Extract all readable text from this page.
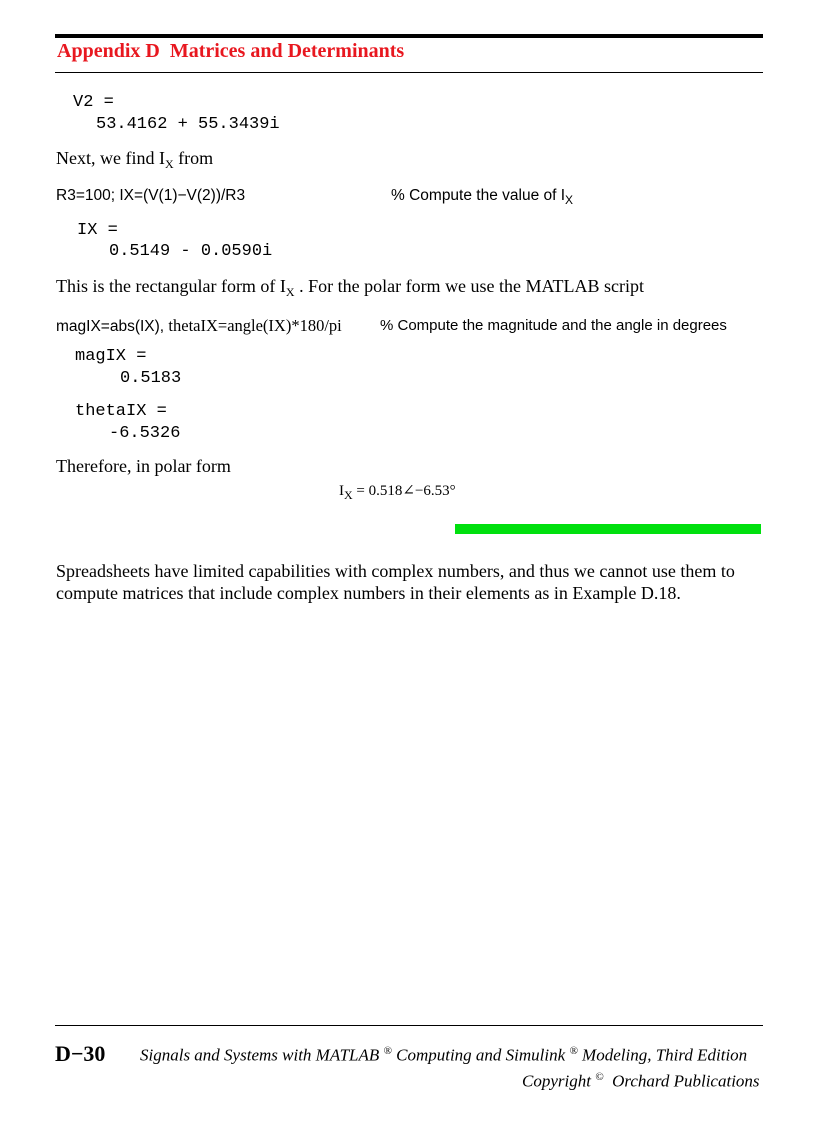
Appendix D  Matrices and Determinants
V2 =
53.4162 + 55.3439i
Next, we find $I_X$ from
R3=100; IX=(V(1)−V(2))/R3	% Compute the value of $I_X$
IX =
0.5149 - 0.0590i
This is the rectangular form of $I_X$ . For the polar form we use the MATLAB script
magIX=abs(IX), thetaIX=angle(IX)*180/pi	% Compute the magnitude and the angle in degrees
magIX =
0.5183
thetaIX =
-6.5326
Therefore, in polar form
$I_X$ = 0.518∠−6.53°
Spreadsheets have limited capabilities with complex numbers, and thus we cannot use them to
compute matrices that include complex numbers in their elements as in Example D.18.
D−30 Signals and Systems with MATLAB ® Computing and Simulink ® Modeling, Third Edition
Copyright ©  Orchard Publications
